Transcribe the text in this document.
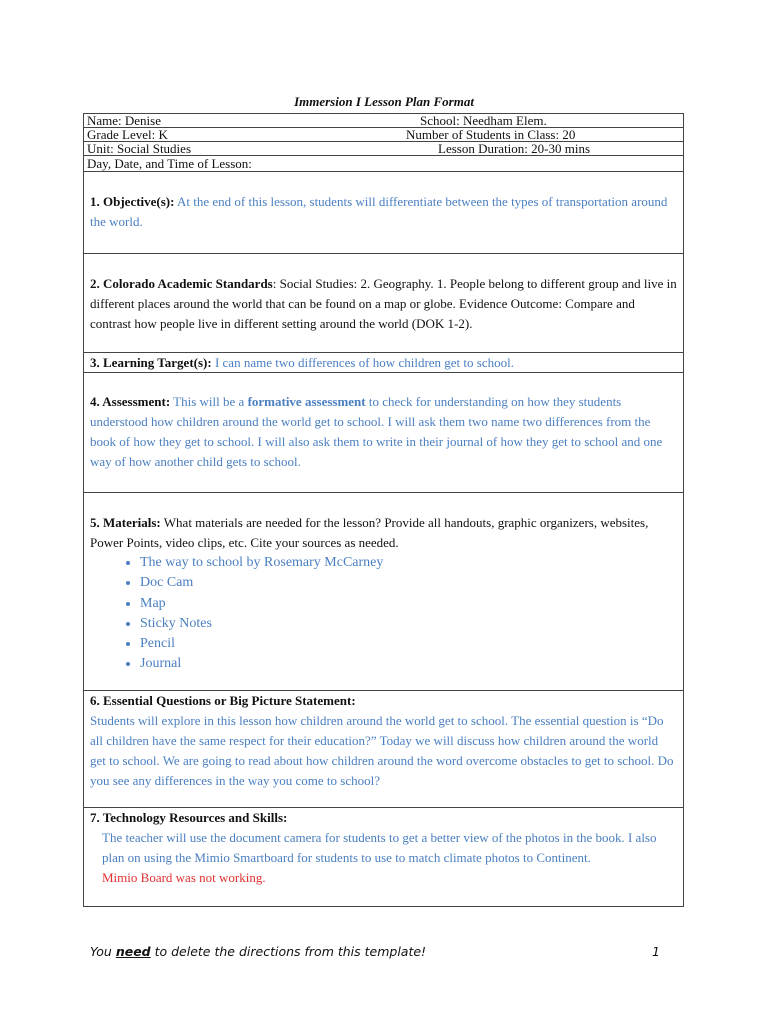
Immersion I Lesson Plan Format
Name: Denise	School: Needham Elem.
Grade Level: K	Number of Students in Class: 20
Unit: Social Studies	Lesson Duration: 20-30 mins
Day, Date, and Time of Lesson:
1. Objective(s): At the end of this lesson, students will differentiate between the types of transportation around the world.
2. Colorado Academic Standards: Social Studies: 2. Geography. 1. People belong to different group and live in different places around the world that can be found on a map or globe. Evidence Outcome: Compare and contrast how people live in different setting around the world (DOK 1-2).
3. Learning Target(s): I can name two differences of how children get to school.
4. Assessment: This will be a formative assessment to check for understanding on how they students understood how children around the world get to school. I will ask them two name two differences from the book of how they get to school. I will also ask them to write in their journal of how they get to school and one way of how another child gets to school.
5. Materials: What materials are needed for the lesson? Provide all handouts, graphic organizers, websites, Power Points, video clips, etc. Cite your sources as needed.
• The way to school by Rosemary McCarney
• Doc Cam
• Map
• Sticky Notes
• Pencil
• Journal
6. Essential Questions or Big Picture Statement:
Students will explore in this lesson how children around the world get to school. The essential question is “Do all children have the same respect for their education?” Today we will discuss how children around the world get to school. We are going to read about how children around the word overcome obstacles to get to school. Do you see any differences in the way you come to school?
7. Technology Resources and Skills:
The teacher will use the document camera for students to get a better view of the photos in the book. I also plan on using the Mimio Smartboard for students to use to match climate photos to Continent.
Mimio Board was not working.
You need to delete the directions from this template!	1
